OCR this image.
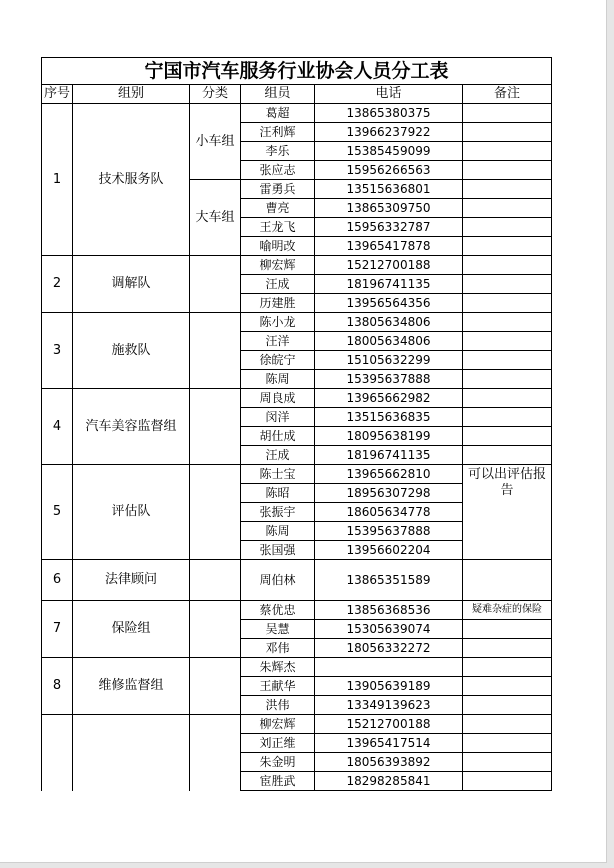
宁国市汽车服务行业协会人员分工表					
序号	组别	分类	组员	电话	备注
1	技术服务队	小车组	葛超	13865380375	
			汪利辉	13966237922	
			李乐	15385459099	
			张应志	15956266563	
		大车组	雷勇兵	13515636801	
			曹亮	13865309750	
			王龙飞	15956332787	
			喻明改	13965417878	
2	调解队		柳宏辉	15212700188	
			汪成	18196741135	
			历建胜	13956564356	
3	施救队		陈小龙	13805634806	
			汪洋	18005634806	
			徐皖宁	15105632299	
			陈周	15395637888	
4	汽车美容监督组		周良成	13965662982	
			闵洋	13515636835	
			胡仕成	18095638199	
			汪成	18196741135	
5	评估队		陈士宝	13965662810	可以出评估报告
			陈昭	18956307298	
			张振宇	18605634778	
			陈周	15395637888	
			张国强	13956602204	
6	法律顾问		周伯林	13865351589	
7	保险组		蔡优忠	13856368536	疑难杂症的保险
			吴慧	15305639074	
			邓伟	18056332272	
8	维修监督组		朱辉杰		
			王献华	13905639189	
			洪伟	13349139623	
			柳宏辉	15212700188	
			刘正维	13965417514	
			朱金明	18056393892	
			宦胜武	18298285841	
